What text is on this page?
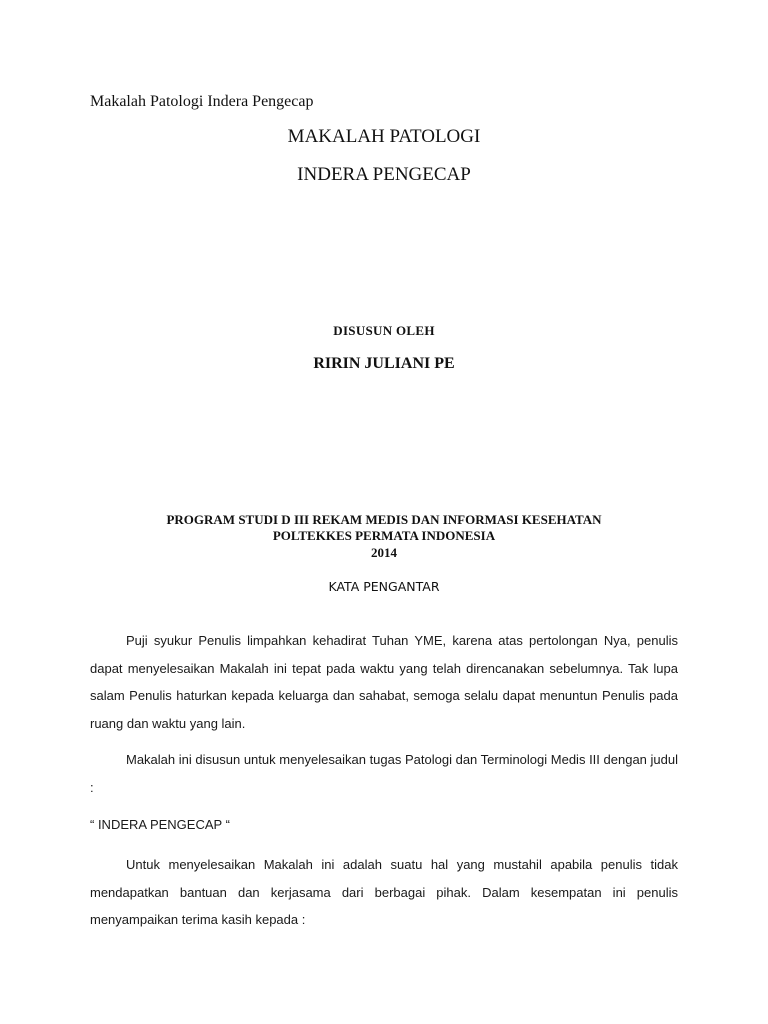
Makalah Patologi Indera Pengecap
MAKALAH PATOLOGI
INDERA PENGECAP
DISUSUN OLEH
RIRIN JULIANI PE
PROGRAM STUDI D III REKAM MEDIS DAN INFORMASI KESEHATAN
POLTEKKES PERMATA INDONESIA
2014
KATA PENGANTAR

Puji syukur Penulis limpahkan kehadirat Tuhan YME, karena atas pertolongan Nya, penulis dapat menyelesaikan Makalah ini tepat pada waktu yang telah direncanakan sebelumnya. Tak lupa salam Penulis haturkan kepada keluarga dan sahabat, semoga selalu dapat menuntun Penulis pada ruang dan waktu yang lain.

Makalah ini disusun untuk menyelesaikan tugas Patologi dan Terminologi Medis III dengan judul :

“ INDERA PENGECAP “

Untuk menyelesaikan Makalah ini adalah suatu hal yang mustahil apabila penulis tidak mendapatkan bantuan dan kerjasama dari berbagai pihak. Dalam kesempatan ini penulis menyampaikan terima kasih kepada :
